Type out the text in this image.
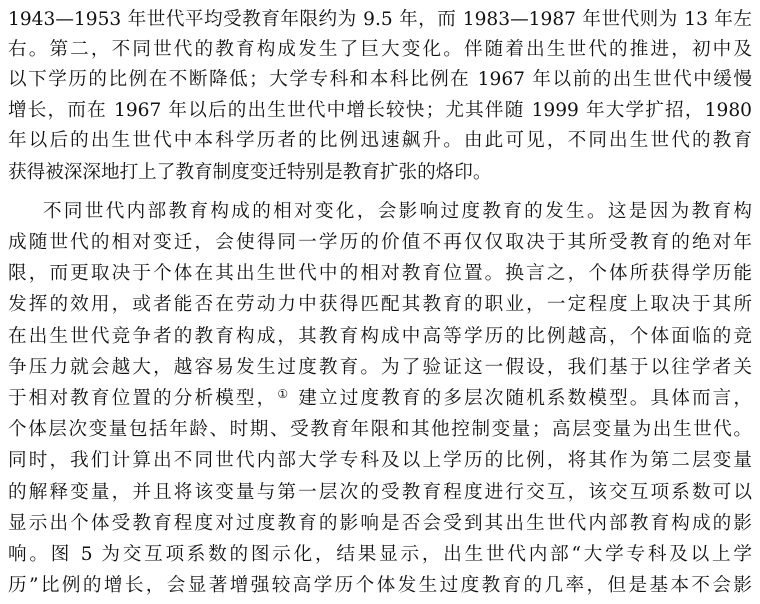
1943—1953 年世代平均受教育年限约为 9.5 年，而 1983—1987 年世代则为 13 年左
右。第二，不同世代的教育构成发生了巨大变化。伴随着出生世代的推进，初中及
以下学历的比例在不断降低；大学专科和本科比例在 1967 年以前的出生世代中缓慢
增长，而在 1967 年以后的出生世代中增长较快；尤其伴随 1999 年大学扩招，1980
年以后的出生世代中本科学历者的比例迅速飙升。由此可见，不同出生世代的教育
获得被深深地打上了教育制度变迁特别是教育扩张的烙印。
不同世代内部教育构成的相对变化，会影响过度教育的发生。这是因为教育构
成随世代的相对变迁，会使得同一学历的价值不再仅仅取决于其所受教育的绝对年
限，而更取决于个体在其出生世代中的相对教育位置。换言之，个体所获得学历能
发挥的效用，或者能否在劳动力中获得匹配其教育的职业，一定程度上取决于其所
在出生世代竞争者的教育构成，其教育构成中高等学历的比例越高，个体面临的竞
争压力就会越大，越容易发生过度教育。为了验证这一假设，我们基于以往学者关
于相对教育位置的分析模型，① 建立过度教育的多层次随机系数模型。具体而言，
个体层次变量包括年龄、时期、受教育年限和其他控制变量；高层变量为出生世代。
同时，我们计算出不同世代内部大学专科及以上学历的比例，将其作为第二层变量
的解释变量，并且将该变量与第一层次的受教育程度进行交互，该交互项系数可以
显示出个体受教育程度对过度教育的影响是否会受到其出生世代内部教育构成的影
响。图 5 为交互项系数的图示化，结果显示，出生世代内部“大学专科及以上学
历”比例的增长，会显著增强较高学历个体发生过度教育的几率，但是基本不会影
